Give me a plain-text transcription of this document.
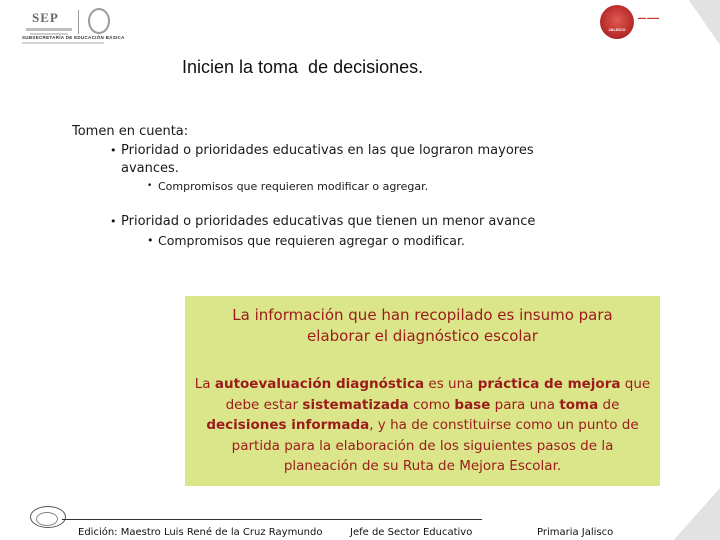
SEP
SUBSECRETARÍA DE EDUCACIÓN BÁSICA
JALISCO
▬▬ ▬▬▬
Inicien la toma  de decisiones.
Tomen en cuenta:
• Prioridad o prioridades educativas en las que lograron mayores
avances.
• Compromisos que requieren modificar o agregar.
• Prioridad o prioridades educativas que tienen un menor avance
• Compromisos que requieren agregar o modificar.
La información que han recopilado es insumo para
elaborar el diagnóstico escolar
La autoevaluación diagnóstica es una práctica de mejora que debe estar sistematizada como base para una toma de decisiones informada, y ha de constituirse como un punto de partida para la elaboración de los siguientes pasos de la planeación de su Ruta de Mejora Escolar.
Edición: Maestro Luis René de la Cruz Raymundo	Jefe de Sector Educativo	Primaria Jalisco
